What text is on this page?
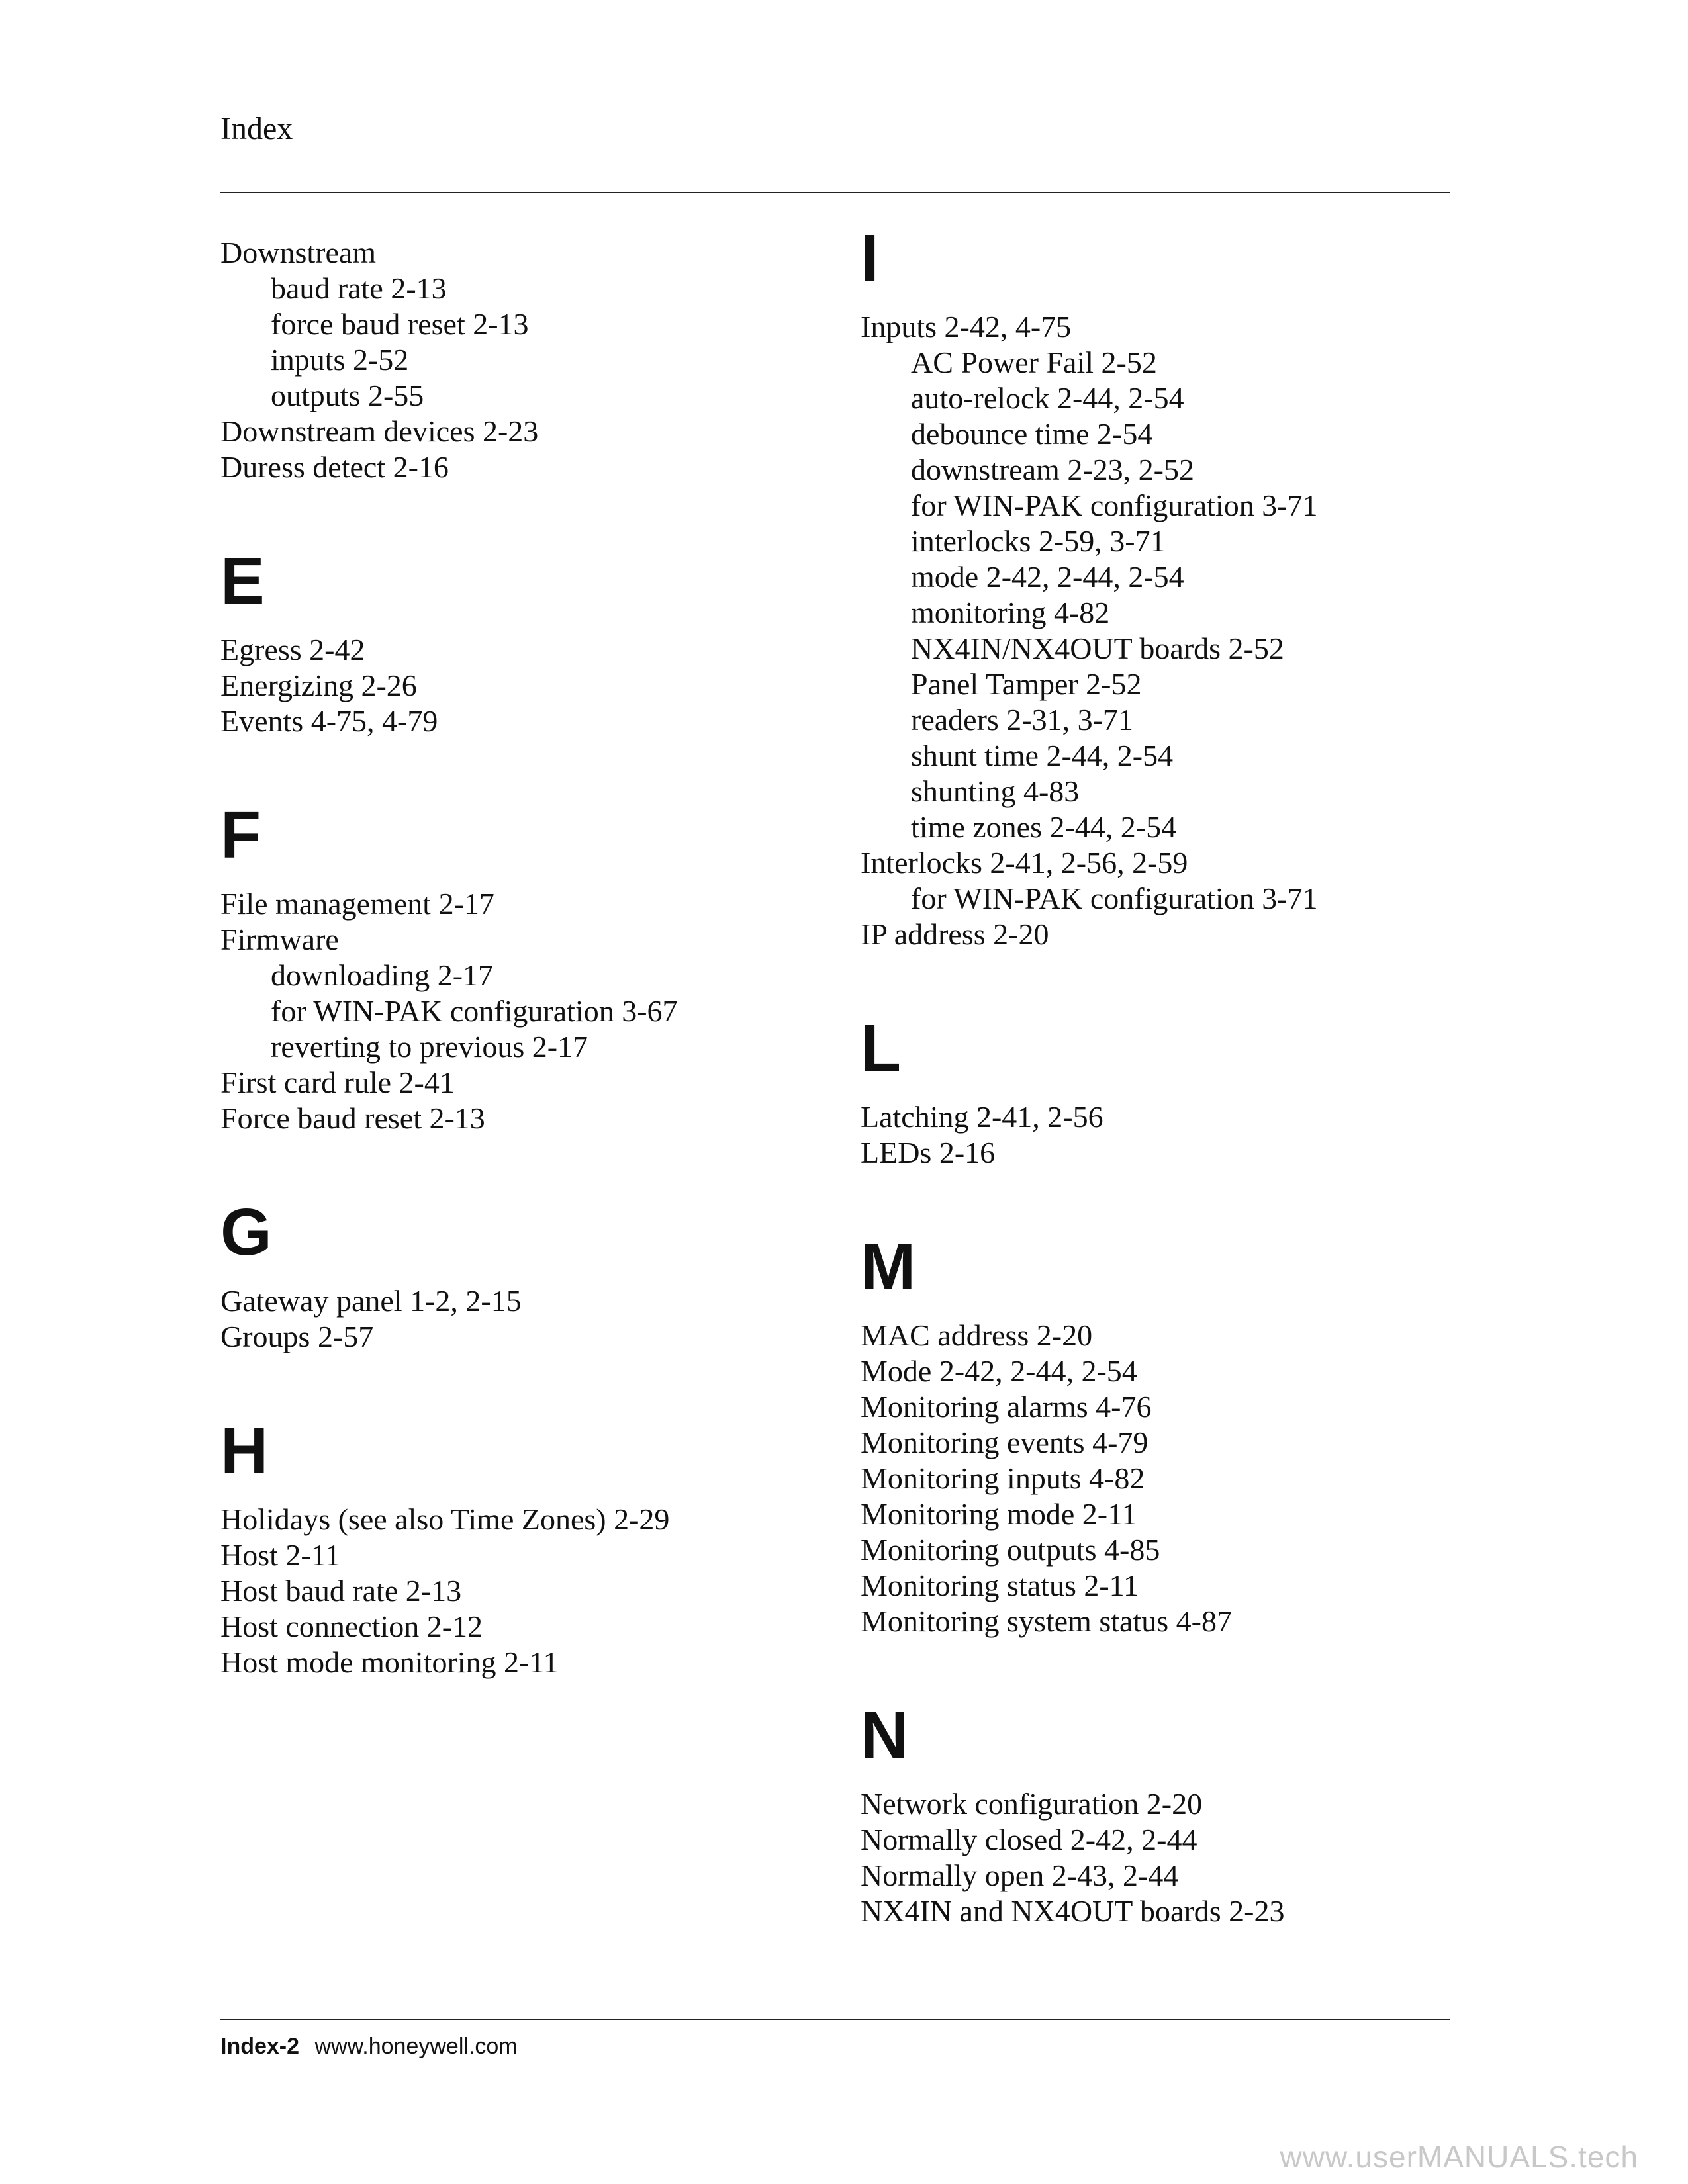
Index
Downstream
baud rate 2-13
force baud reset 2-13
inputs 2-52
outputs 2-55
Downstream devices 2-23
Duress detect 2-16
E
Egress 2-42
Energizing 2-26
Events 4-75, 4-79
F
File management 2-17
Firmware
downloading 2-17
for WIN-PAK configuration 3-67
reverting to previous 2-17
First card rule 2-41
Force baud reset 2-13
G
Gateway panel 1-2, 2-15
Groups 2-57
H
Holidays (see also Time Zones) 2-29
Host 2-11
Host baud rate 2-13
Host connection 2-12
Host mode monitoring 2-11
I
Inputs 2-42, 4-75
AC Power Fail 2-52
auto-relock 2-44, 2-54
debounce time 2-54
downstream 2-23, 2-52
for WIN-PAK configuration 3-71
interlocks 2-59, 3-71
mode 2-42, 2-44, 2-54
monitoring 4-82
NX4IN/NX4OUT boards 2-52
Panel Tamper 2-52
readers 2-31, 3-71
shunt time 2-44, 2-54
shunting 4-83
time zones 2-44, 2-54
Interlocks 2-41, 2-56, 2-59
for WIN-PAK configuration 3-71
IP address 2-20
L
Latching 2-41, 2-56
LEDs 2-16
M
MAC address 2-20
Mode 2-42, 2-44, 2-54
Monitoring alarms 4-76
Monitoring events 4-79
Monitoring inputs 4-82
Monitoring mode 2-11
Monitoring outputs 4-85
Monitoring status 2-11
Monitoring system status 4-87
N
Network configuration 2-20
Normally closed 2-42, 2-44
Normally open 2-43, 2-44
NX4IN and NX4OUT boards 2-23
Index-2 www.honeywell.com
www.userMANUALS.tech
